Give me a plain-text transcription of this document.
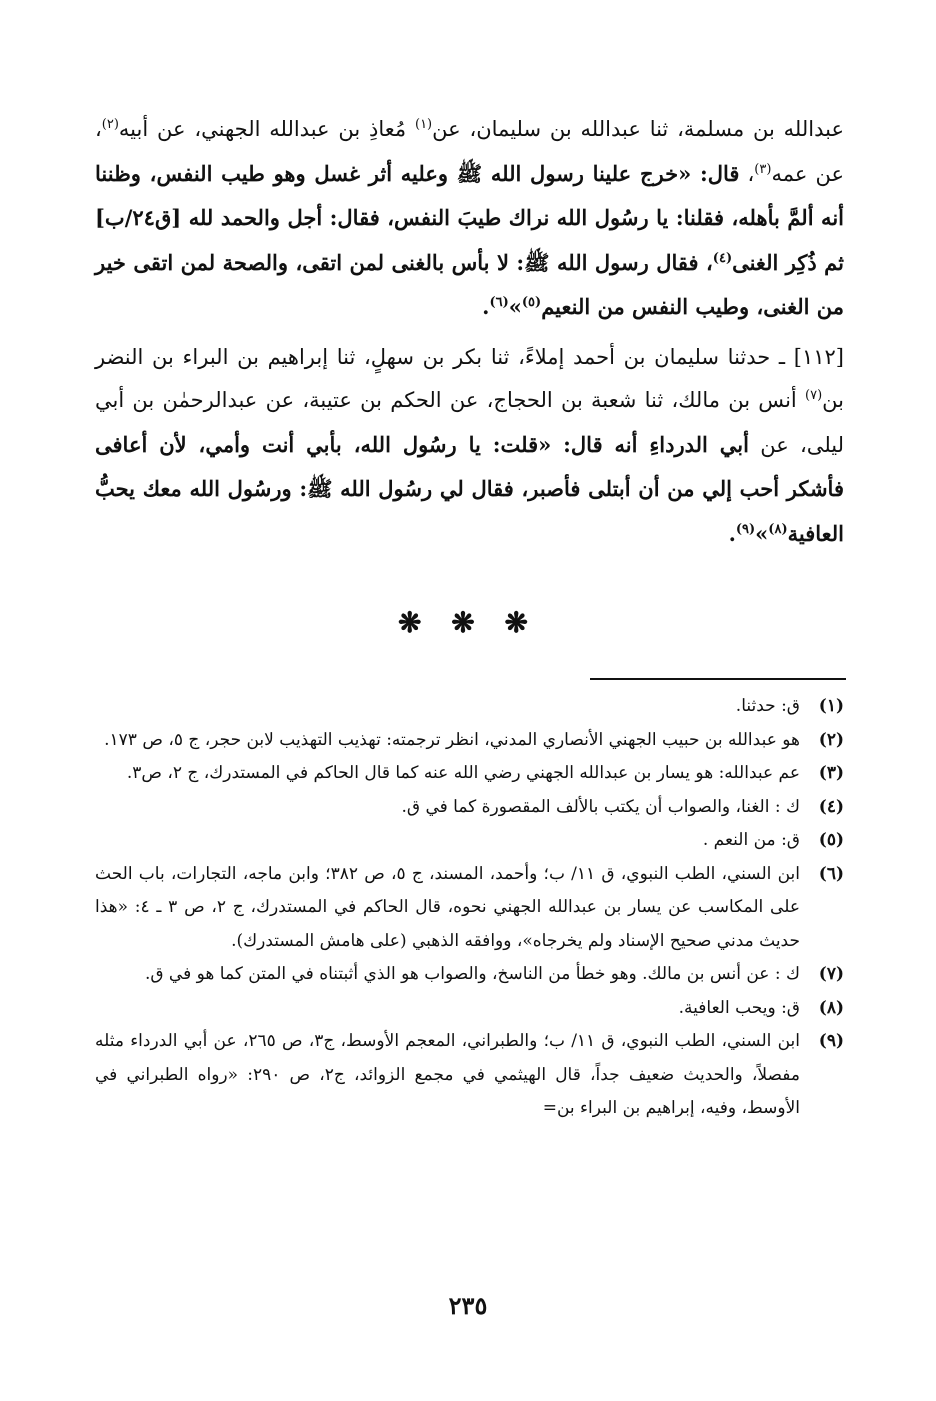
عبدالله بن مسلمة، ثنا عبدالله بن سليمان، عن$^{(١)}$ مُعاذِ بن عبدالله الجهني، عن أبيه$^{(٢)}$، عن عمه$^{(٣)}$، قال: «خرج علينا رسول الله ﷺ وعليه أثر غسل وهو طيب النفس، وظننا أنه ألمَّ بأهله، فقلنا: يا رسُول الله نراك طيبَ النفس، فقال: أجل والحمد لله [ق٢٤/ب] ثم ذُكِر الغنى$^{(٤)}$، فقال رسول الله ﷺ: لا بأس بالغنى لمن اتقى، والصحة لمن اتقى خير من الغنى، وطيب النفس من النعيم$^{(٥)}$»$^{(٦)}$.

[١١٢] ـ حدثنا سليمان بن أحمد إملاءً، ثنا بكر بن سهلٍ، ثنا إبراهيم بن البراء بن النضر بن$^{(٧)}$ أنس بن مالك، ثنا شعبة بن الحجاج، عن الحكم بن عتيبة، عن عبدالرحمٰن بن أبي ليلى، عن أبي الدرداءِ أنه قال: «قلت: يا رسُول الله، بأبي أنت وأمي، لأن أعافى فأشكر أحب إلي من أن أبتلى فأصبر، فقال لي رسُول الله ﷺ: ورسُول الله معك يحبُّ العافية$^{(٨)}$»$^{(٩)}$.

❋ ❋ ❋
(١)
ق: حدثنا.
(٢)
هو عبدالله بن حبيب الجهني الأنصاري المدني، انظر ترجمته: تهذيب التهذيب لابن حجر، ج ٥، ص ١٧٣.
(٣)
عم عبدالله: هو يسار بن عبدالله الجهني رضي الله عنه كما قال الحاكم في المستدرك، ج ٢، ص٣.
(٤)
ك : الغنا، والصواب أن يكتب بالألف المقصورة كما في ق.
(٥)
ق: من النعم .
(٦)
ابن السني، الطب النبوي، ق ١١/ ب؛ وأحمد، المسند، ج ٥، ص ٣٨٢؛ وابن ماجه، التجارات، باب الحث على المكاسب عن يسار بن عبدالله الجهني نحوه، قال الحاكم في المستدرك، ج ٢، ص ٣ ـ ٤: «هذا حديث مدني صحيح الإسناد ولم يخرجاه»، ووافقه الذهبي (على هامش المستدرك).
(٧)
ك : عن أنس بن مالك. وهو خطأ من الناسخ، والصواب هو الذي أثبتناه في المتن كما هو في ق.
(٨)
ق: ويحب العافية.
(٩)
ابن السني، الطب النبوي، ق ١١/ ب؛ والطبراني، المعجم الأوسط، ج٣، ص ٢٦٥، عن أبي الدرداء مثله مفصلاً، والحديث ضعيف جداً، قال الهيثمي في مجمع الزوائد، ج٢، ص ٢٩٠: «رواه الطبراني في الأوسط، وفيه، إبراهيم بن البراء بن=
٢٣٥
